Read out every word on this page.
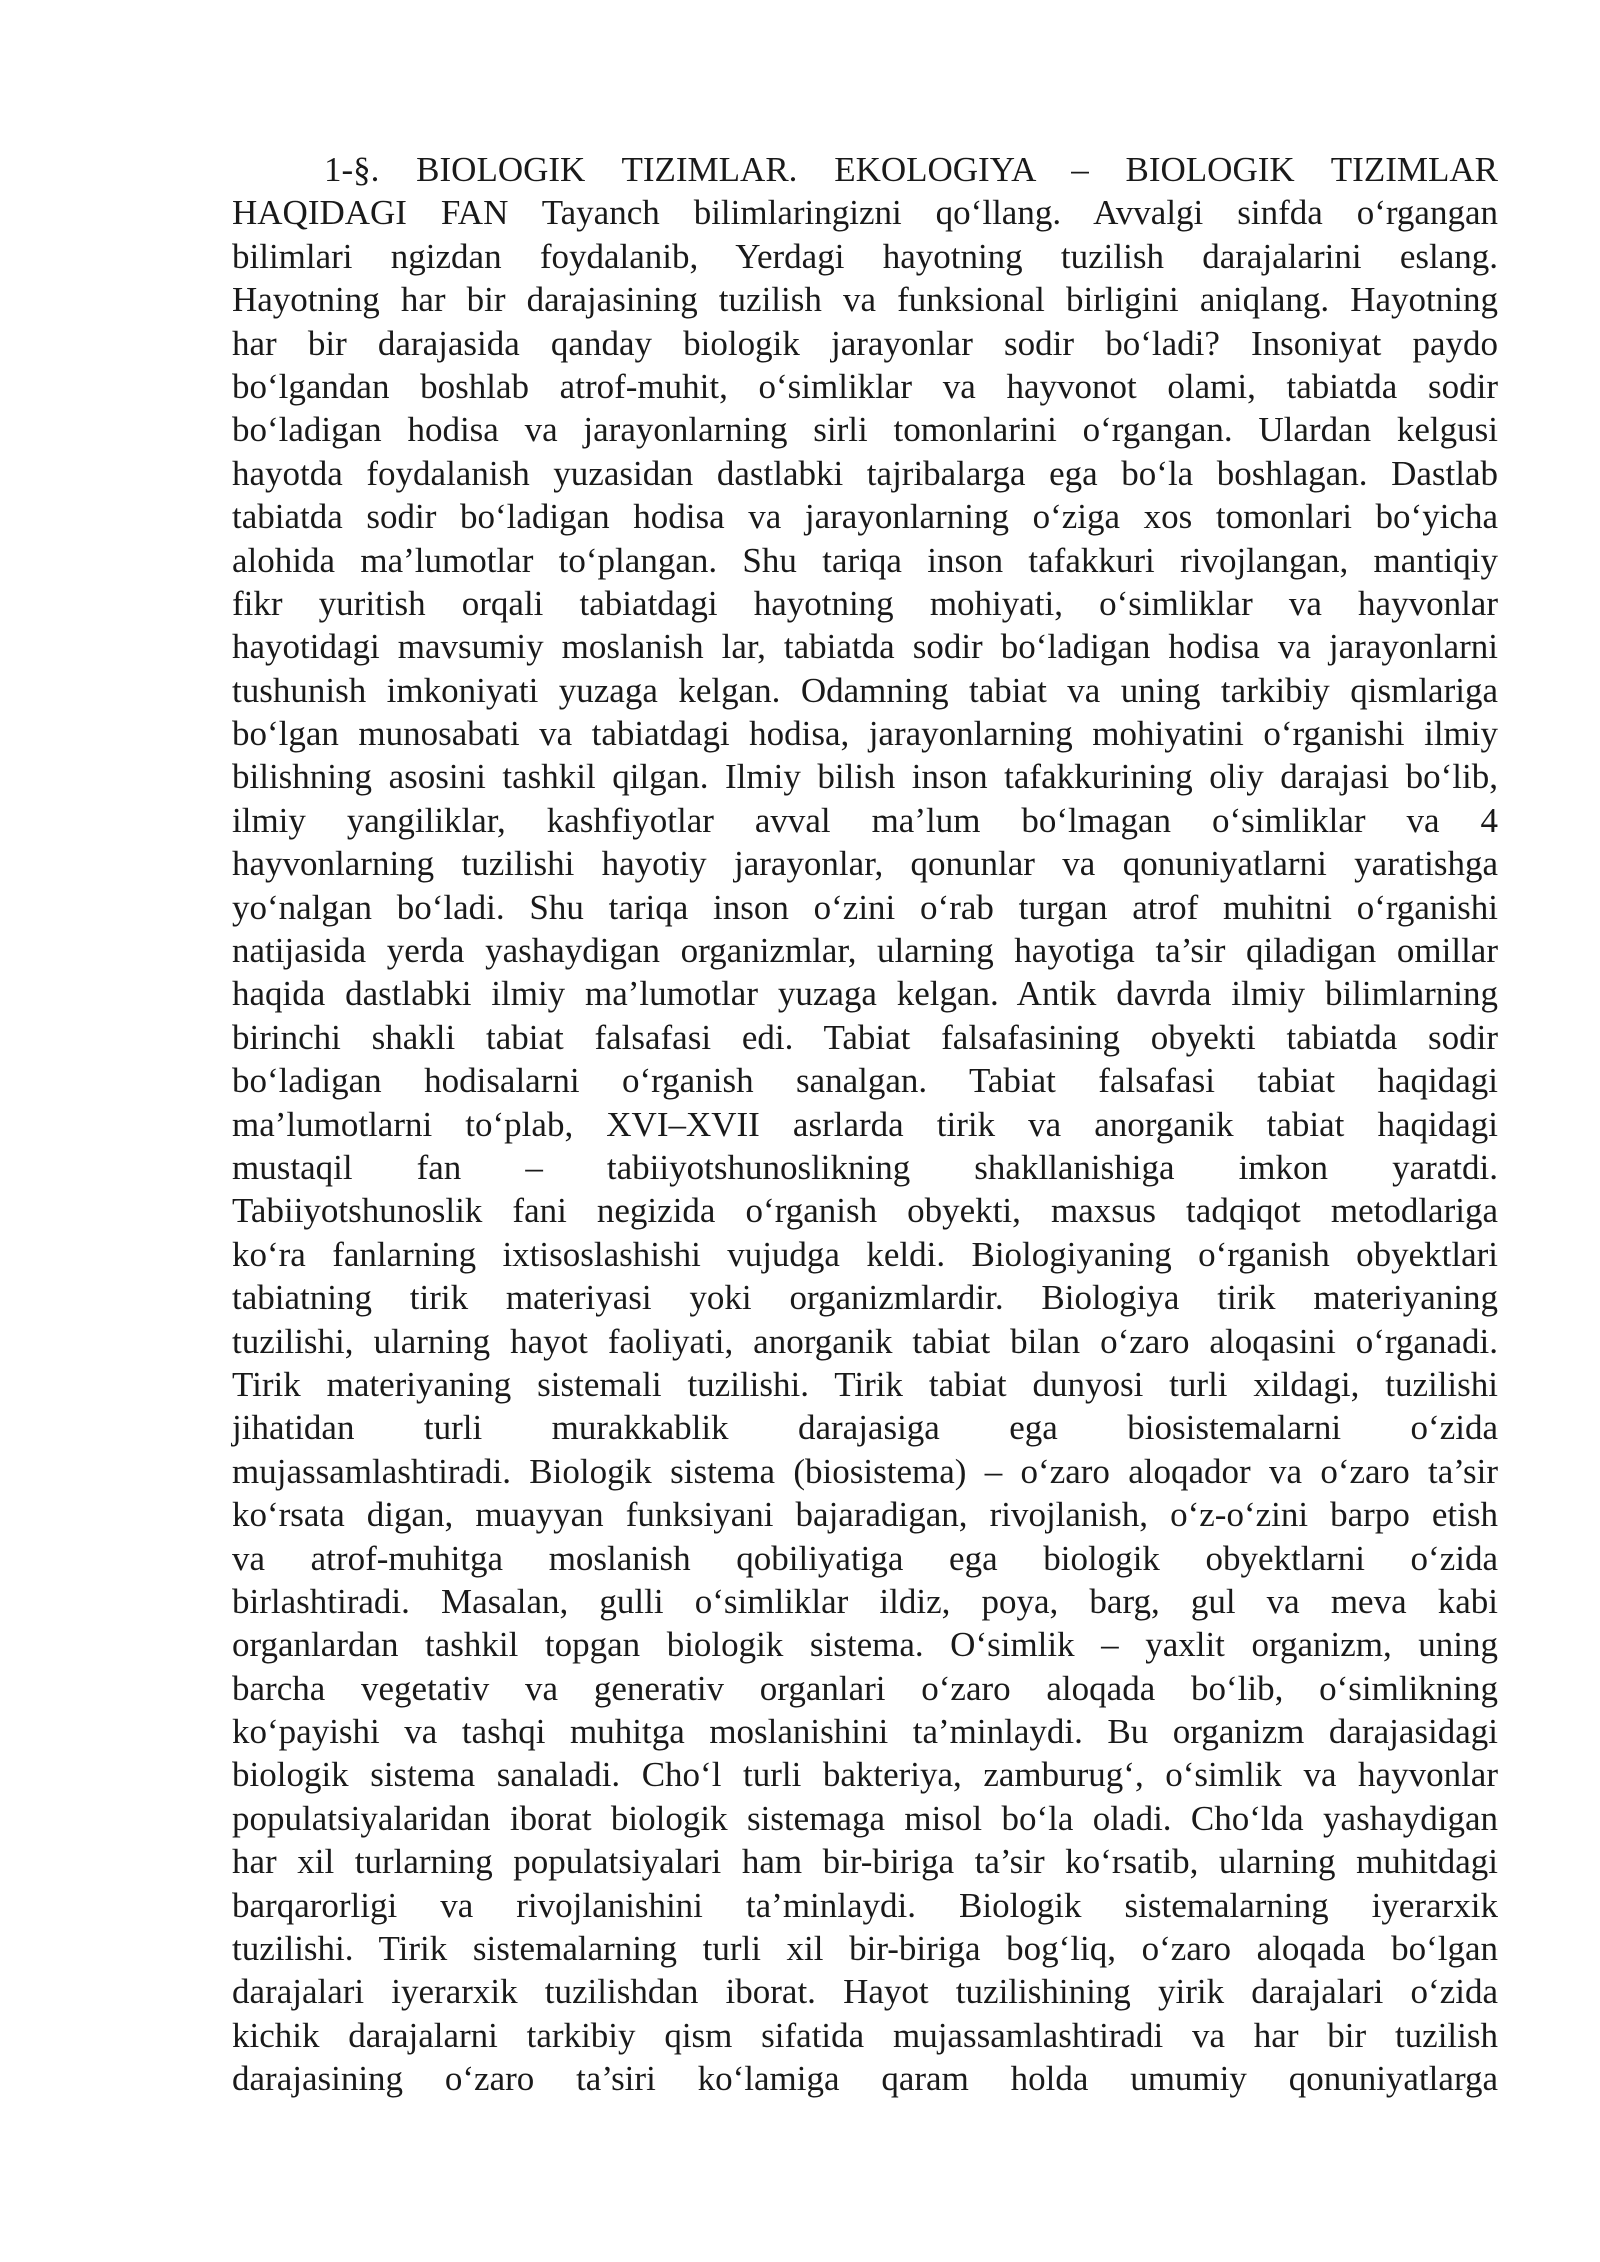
1-§. BIOLOGIK TIZIMLAR. EKOLOGIYA – BIOLOGIK TIZIMLAR
HAQIDAGI FAN Tayanch bilimlaringizni qo‘llang. Avvalgi sinfda o‘rgangan
bilimlari ngizdan foydalanib, Yerdagi hayotning tuzilish darajalarini eslang.
Hayotning har bir darajasining tuzilish va funksional birligini aniqlang. Hayotning
har bir darajasida qanday biologik jarayonlar sodir bo‘ladi? Insoniyat paydo
bo‘lgandan boshlab atrof-muhit, o‘simliklar va hayvonot olami, tabiatda sodir
bo‘ladigan hodisa va jarayonlarning sirli tomonlarini o‘rgangan. Ulardan kelgusi
hayotda foydalanish yuzasidan dastlabki tajribalarga ega bo‘la boshlagan. Dastlab
tabiatda sodir bo‘ladigan hodisa va jarayonlarning o‘ziga xos tomonlari bo‘yicha
alohida ma’lumotlar to‘plangan. Shu tariqa inson tafakkuri rivojlangan, mantiqiy
fikr yuritish orqali tabiatdagi hayotning mohiyati, o‘simliklar va hayvonlar
hayotidagi mavsumiy moslanish lar, tabiatda sodir bo‘ladigan hodisa va jarayonlarni
tushunish imkoniyati yuzaga kelgan. Odamning tabiat va uning tarkibiy qismlariga
bo‘lgan munosabati va tabiatdagi hodisa, jarayonlarning mohiyatini o‘rganishi ilmiy
bilishning asosini tashkil qilgan. Ilmiy bilish inson tafakkurining oliy darajasi bo‘lib,
ilmiy yangiliklar, kashfiyotlar avval ma’lum bo‘lmagan o‘simliklar va 4
hayvonlarning tuzilishi hayotiy jarayonlar, qonunlar va qonuniyatlarni yaratishga
yo‘nalgan bo‘ladi. Shu tariqa inson o‘zini o‘rab turgan atrof muhitni o‘rganishi
natijasida yerda yashaydigan organizmlar, ularning hayotiga ta’sir qiladigan omillar
haqida dastlabki ilmiy ma’lumotlar yuzaga kelgan. Antik davrda ilmiy bilimlarning
birinchi shakli tabiat falsafasi edi. Tabiat falsafasining obyekti tabiatda sodir
bo‘ladigan hodisalarni o‘rganish sanalgan. Tabiat falsafasi tabiat haqidagi
ma’lumotlarni to‘plab, XVI–XVII asrlarda tirik va anorganik tabiat haqidagi
mustaqil fan – tabiiyotshunoslikning shakllanishiga imkon yaratdi.
Tabiiyotshunoslik fani negizida o‘rganish obyekti, maxsus tadqiqot metodlariga
ko‘ra fanlarning ixtisoslashishi vujudga keldi. Biologiyaning o‘rganish obyektlari
tabiatning tirik materiyasi yoki organizmlardir. Biologiya tirik materiyaning
tuzilishi, ularning hayot faoliyati, anorganik tabiat bilan o‘zaro aloqasini o‘rganadi.
Tirik materiyaning sistemali tuzilishi. Tirik tabiat dunyosi turli xildagi, tuzilishi
jihatidan turli murakkablik darajasiga ega biosistemalarni o‘zida
mujassamlashtiradi. Biologik sistema (biosistema) – o‘zaro aloqador va o‘zaro ta’sir
ko‘rsata digan, muayyan funksiyani bajaradigan, rivojlanish, o‘z-o‘zini barpo etish
va atrof-muhitga moslanish qobiliyatiga ega biologik obyektlarni o‘zida
birlashtiradi. Masalan, gulli o‘simliklar ildiz, poya, barg, gul va meva kabi
organlardan tashkil topgan biologik sistema. O‘simlik – yaxlit organizm, uning
barcha vegetativ va generativ organlari o‘zaro aloqada bo‘lib, o‘simlikning
ko‘payishi va tashqi muhitga moslanishini ta’minlaydi. Bu organizm darajasidagi
biologik sistema sanaladi. Cho‘l turli bakteriya, zamburug‘, o‘simlik va hayvonlar
populatsiyalaridan iborat biologik sistemaga misol bo‘la oladi. Cho‘lda yashaydigan
har xil turlarning populatsiyalari ham bir-biriga ta’sir ko‘rsatib, ularning muhitdagi
barqarorligi va rivojlanishini ta’minlaydi. Biologik sistemalarning iyerarxik
tuzilishi. Tirik sistemalarning turli xil bir-biriga bog‘liq, o‘zaro aloqada bo‘lgan
darajalari iyerarxik tuzilishdan iborat. Hayot tuzilishining yirik darajalari o‘zida
kichik darajalarni tarkibiy qism sifatida mujassamlashtiradi va har bir tuzilish
darajasining o‘zaro ta’siri ko‘lamiga qaram holda umumiy qonuniyatlarga
